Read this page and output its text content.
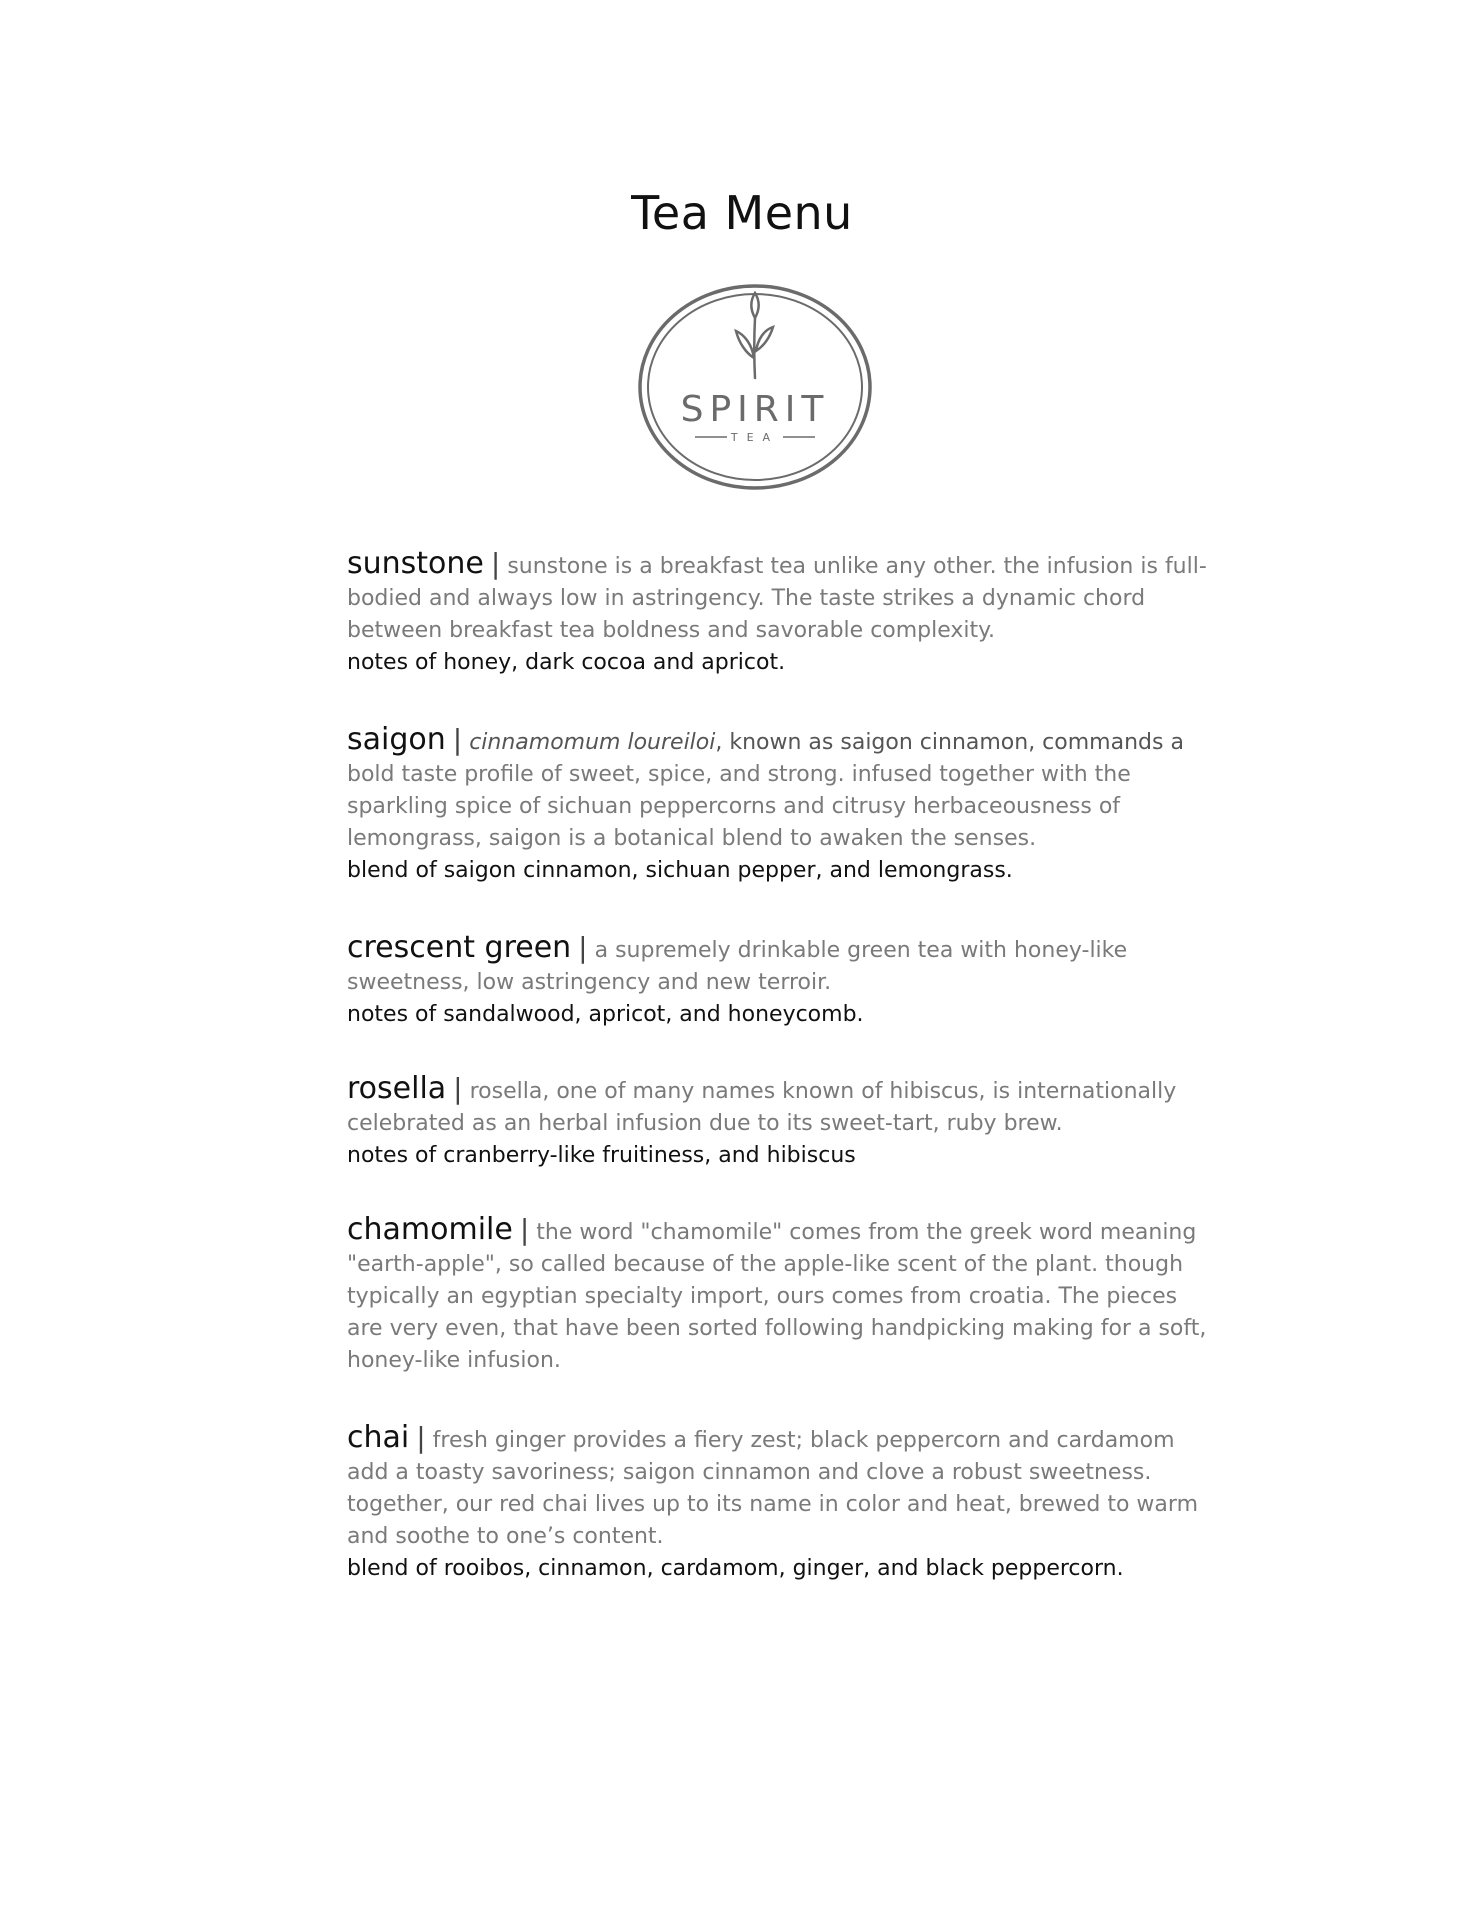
Tea Menu
SPIRIT
TEA
sunstone | sunstone is a breakfast tea unlike any other. the infusion is full-bodied and always low in astringency. The taste strikes a dynamic chord between breakfast tea boldness and savorable complexity.
notes of honey, dark cocoa and apricot.
saigon | cinnamomum loureiloi, known as saigon cinnamon, commands a bold taste profile of sweet, spice, and strong. infused together with the sparkling spice of sichuan peppercorns and citrusy herbaceousness of lemongrass, saigon is a botanical blend to awaken the senses.
blend of saigon cinnamon, sichuan pepper, and lemongrass.
crescent green | a supremely drinkable green tea with honey-like sweetness, low astringency and new terroir.
notes of sandalwood, apricot, and honeycomb.
rosella | rosella, one of many names known of hibiscus, is internationally celebrated as an herbal infusion due to its sweet-tart, ruby brew.
notes of cranberry-like fruitiness, and hibiscus
chamomile | the word "chamomile" comes from the greek word meaning "earth-apple", so called because of the apple-like scent of the plant. though typically an egyptian specialty import, ours comes from croatia. The pieces are very even, that have been sorted following handpicking making for a soft, honey-like infusion.
chai | fresh ginger provides a fiery zest; black peppercorn and cardamom add a toasty savoriness; saigon cinnamon and clove a robust sweetness. together, our red chai lives up to its name in color and heat, brewed to warm and soothe to one’s content.
blend of rooibos, cinnamon, cardamom, ginger, and black peppercorn.
